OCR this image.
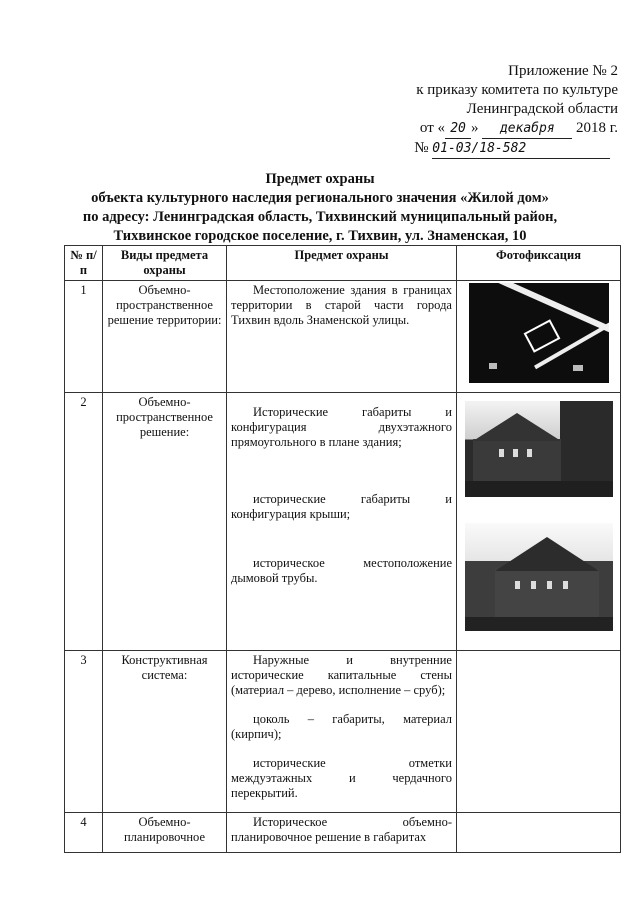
Приложение № 2
к приказу комитета по культуре
Ленинградской области
от « 20 » декабря 2018 г.
№ 01-03/18-582
Предмет охраны
объекта культурного наследия регионального значения «Жилой дом»
по адресу: Ленинградская область, Тихвинский муниципальный район,
Тихвинское городское поселение, г. Тихвин, ул. Знаменская, 10
№ п/п	Виды предмета охраны	Предмет охраны	Фотофиксация
1	Объемно-пространственное решение территории:	Местоположение здания в границах территории в старой части города Тихвин вдоль Знаменской улицы.	

2	Объемно-пространственное решение:	Исторические габариты и конфигурация двухэтажного прямоугольного в плане здания;

исторические габариты и конфигурация крыши;

историческое местоположение дымовой трубы.	

3	Конструктивная система:	Наружные и внутренние исторические капитальные стены (материал – дерево, исполнение – сруб);

цоколь – габариты, материал (кирпич);

исторические отметки междуэтажных и чердачного перекрытий.	

4	Объемно-планировочное	Историческое объемно-планировочное решение в габаритах	
